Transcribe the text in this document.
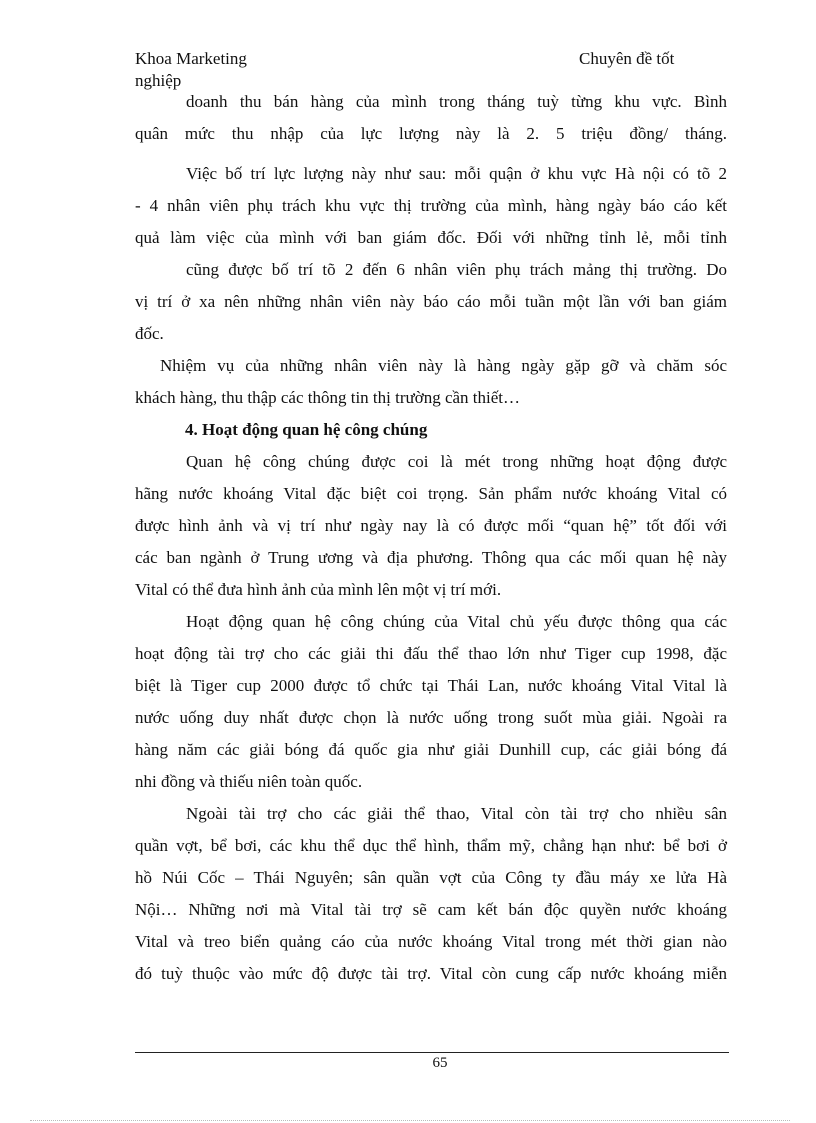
Khoa Marketing	Chuyên đề tốt
nghiệp
doanh thu bán hàng của mình trong tháng tuỳ từng khu vực. Bình
quân mức thu nhập của lực lượng này là 2. 5 triệu đồng/ tháng.
Việc bố trí lực lượng này như sau: mỗi quận ở khu vực Hà nội có tõ 2
- 4 nhân viên phụ trách khu vực thị trường của mình, hàng ngày báo cáo kết
quả làm việc của mình với ban giám đốc. Đối với những tỉnh lẻ, mỗi tỉnh
cũng được bố trí tõ 2 đến 6 nhân viên phụ trách mảng thị trường. Do
vị trí ở xa nên những nhân viên này báo cáo mỗi tuần một lần với ban giám
đốc.
Nhiệm vụ của những nhân viên này là hàng ngày gặp gỡ và chăm sóc
khách hàng, thu thập các thông tin thị trường cần thiết…
4. Hoạt động quan hệ công chúng
Quan hệ công chúng được coi là mét trong những hoạt động được
hãng nước khoáng Vital đặc biệt coi trọng. Sản phẩm nước khoáng Vital có
được hình ảnh và vị trí như ngày nay là có được mối “quan hệ” tốt đối với
các ban ngành ở Trung ương và địa phương. Thông qua các mối quan hệ này
Vital có thể đưa hình ảnh của mình lên một vị trí mới.
Hoạt động quan hệ công chúng của Vital chủ yếu được thông qua các
hoạt động tài trợ cho các giải thi đấu thể thao lớn như Tiger cup 1998, đặc
biệt là Tiger cup 2000 được tổ chức tại Thái Lan, nước khoáng Vital Vital là
nước uống duy nhất được chọn là nước uống trong suốt mùa giải. Ngoài ra
hàng năm các giải bóng đá quốc gia như giải Dunhill cup, các giải bóng đá
nhi đồng và thiếu niên toàn quốc.
Ngoài tài trợ cho các giải thể thao, Vital còn tài trợ cho nhiều sân
quần vợt, bể bơi, các khu thể dục thể hình, thẩm mỹ, chẳng hạn như: bể bơi ở
hồ Núi Cốc – Thái Nguyên; sân quần vợt của Công ty đầu máy xe lửa Hà
Nội… Những nơi mà Vital tài trợ sẽ cam kết bán độc quyền nước khoáng
Vital và treo biển quảng cáo của nước khoáng Vital trong mét thời gian nào
đó tuỳ thuộc vào mức độ được tài trợ. Vital còn cung cấp nước khoáng miễn
65
